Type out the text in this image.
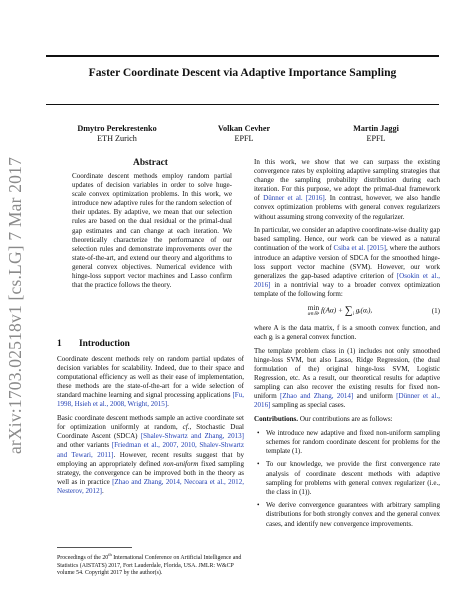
arXiv:1703.02518v1 [cs.LG] 7 Mar 2017
Faster Coordinate Descent via Adaptive Importance Sampling
Dmytro Perekrestenko
ETH Zurich
Volkan Cevher
EPFL
Martin Jaggi
EPFL
Abstract
Coordinate descent methods employ random partial updates of decision variables in order to solve huge-scale convex optimization problems. In this work, we introduce new adaptive rules for the random selection of their updates. By adaptive, we mean that our selection rules are based on the dual residual or the primal-dual gap estimates and can change at each iteration. We theoretically characterize the performance of our selection rules and demonstrate improvements over the state-of-the-art, and extend our theory and algorithms to general convex objectives. Numerical evidence with hinge-loss support vector machines and Lasso confirm that the practice follows the theory.
1 Introduction

Coordinate descent methods rely on random partial updates of decision variables for scalability. Indeed, due to their space and computational efficiency as well as their ease of implementation, these methods are the state-of-the-art for a wide selection of standard machine learning and signal processing applications [Fu, 1998, Hsieh et al., 2008, Wright, 2015].

Basic coordinate descent methods sample an active coordinate set for optimization uniformly at random, cf., Stochastic Dual Coordinate Ascent (SDCA) [Shalev-Shwartz and Zhang, 2013] and other variants [Friedman et al., 2007, 2010, Shalev-Shwartz and Tewari, 2011]. However, recent results suggest that by employing an appropriately defined non-uniform fixed sampling strategy, the convergence can be improved both in the theory as well as in practice [Zhao and Zhang, 2014, Necoara et al., 2012, Nesterov, 2012].

Proceedings of the 20th International Conference on Artificial Intelligence and Statistics (AISTATS) 2017, Fort Lauderdale, Florida, USA. JMLR: W&CP volume 54. Copyright 2017 by the author(s).

In this work, we show that we can surpass the existing convergence rates by exploiting adaptive sampling strategies that change the sampling probability distribution during each iteration. For this purpose, we adopt the primal-dual framework of Dünner et al. [2016]. In contrast, however, we also handle convex optimization problems with general convex regularizers without assuming strong convexity of the regularizer.

In particular, we consider an adaptive coordinate-wise duality gap based sampling. Hence, our work can be viewed as a natural continuation of the work of Csiba et al. [2015], where the authors introduce an adaptive version of SDCA for the smoothed hinge-loss support vector machine (SVM). However, our work generalizes the gap-based adaptive criterion of [Osokin et al., 2016] in a nontrivial way to a broader convex optimization template of the following form:

min
α∈ℝⁿ $f(A\alpha) + \sum_i$ gᵢ(αᵢ),	(1)

where A is the data matrix, f is a smooth convex function, and each gᵢ is a general convex function.

The template problem class in (1) includes not only smoothed hinge-loss SVM, but also Lasso, Ridge Regression, (the dual formulation of the) original hinge-loss SVM, Logistic Regression, etc. As a result, our theoretical results for adaptive sampling can also recover the existing results for fixed non-uniform [Zhao and Zhang, 2014] and uniform [Dünner et al., 2016] sampling as special cases.

Contributions. Our contributions are as follows:

• We introduce new adaptive and fixed non-uniform sampling schemes for random coordinate descent for problems for the template (1).
• To our knowledge, we provide the first convergence rate analysis of coordinate descent methods with adaptive sampling for problems with general convex regularizer (i.e., the class in (1)).
• We derive convergence guarantees with arbitrary sampling distributions for both strongly convex and the general convex cases, and identify new convergence improvements.
